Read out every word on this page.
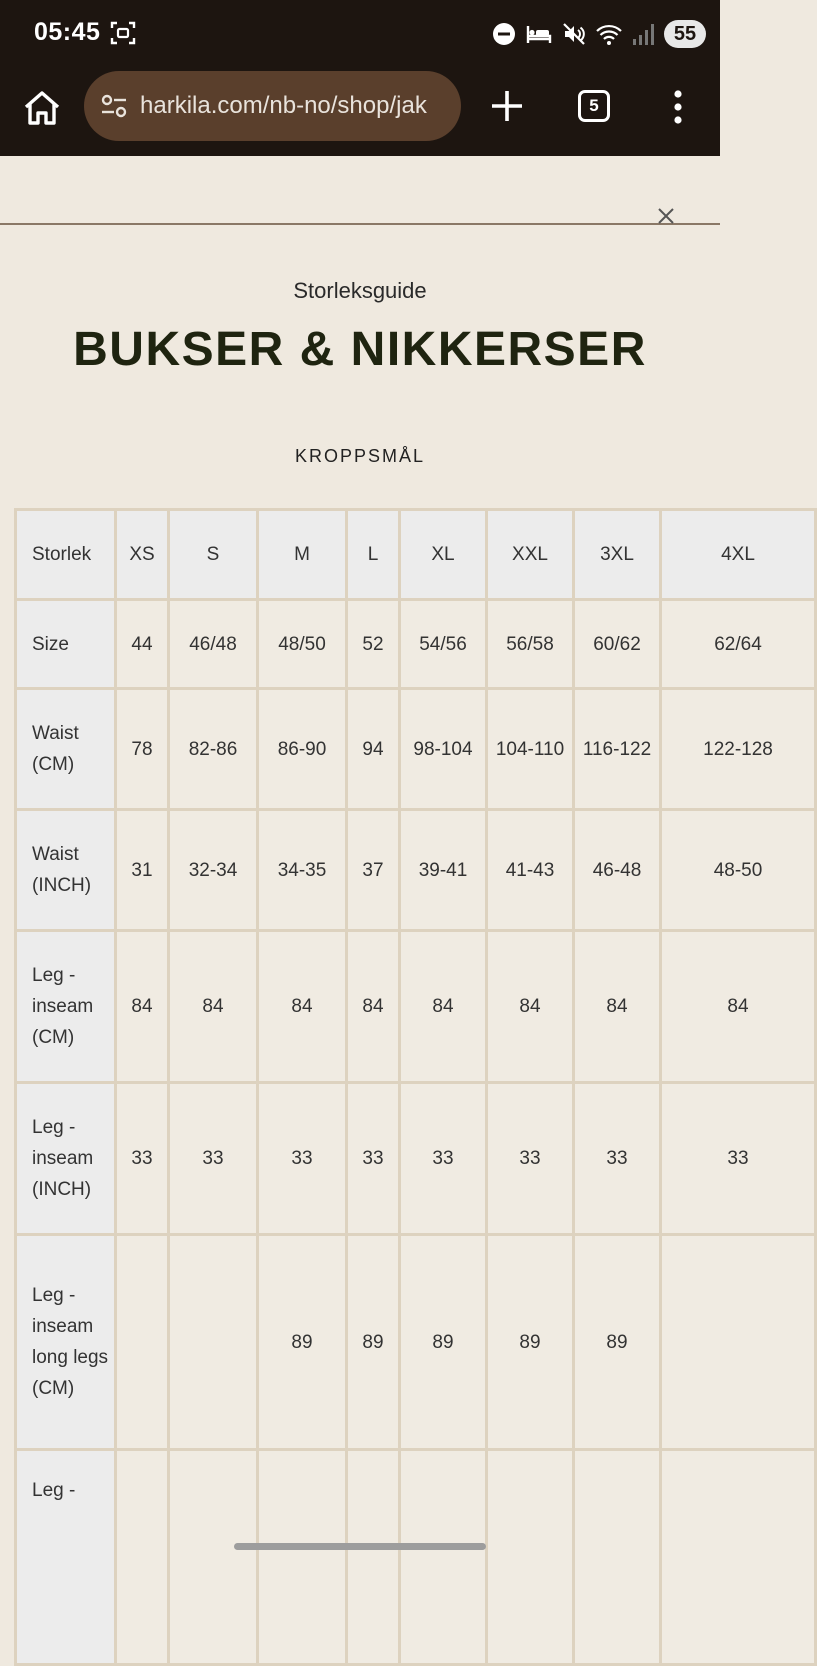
05:45	55
harkila.com/nb-no/shop/jak	5
Storleksguide
BUKSER & NIKKERSER
KROPPSMÅL
Storlek	XS	S	M	L	XL	XXL	3XL	4XL
Size	44	46/48	48/50	52	54/56	56/58	60/62	62/64
Waist (CM)	78	82-86	86-90	94	98-104	104-110	116-122	122-128
Waist (INCH)	31	32-34	34-35	37	39-41	41-43	46-48	48-50
Leg - inseam (CM)	84	84	84	84	84	84	84	84
Leg - inseam (INCH)	33	33	33	33	33	33	33	33
Leg - inseam long legs (CM)			89	89	89	89	89	
Leg -								
